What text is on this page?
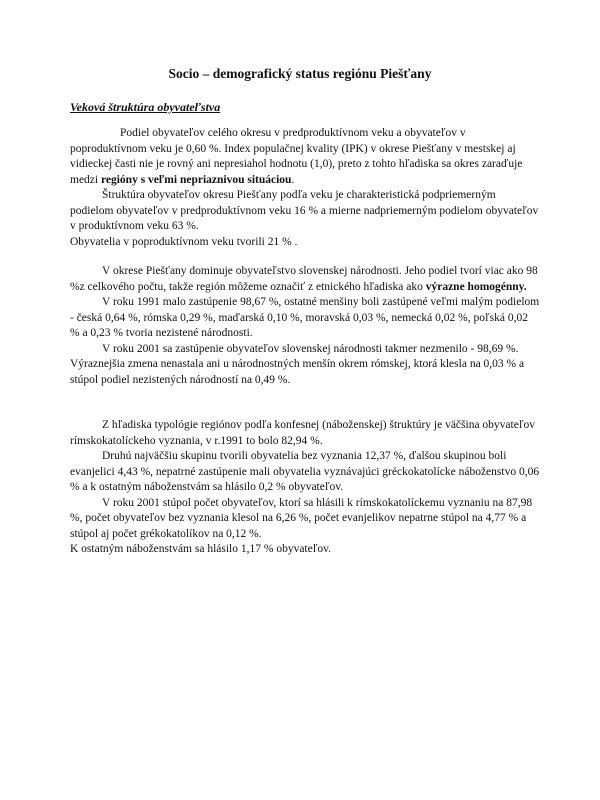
Socio – demografický status regiónu Piešťany
Veková štruktúra obyvateľstva

Podiel obyvateľov celého okresu v predproduktívnom veku a obyvateľov v poproduktívnom veku je 0,60 %. Index populačnej kvality (IPK) v okrese Piešťany v mestskej aj vidieckej časti nie je rovný ani nepresiahol hodnotu (1,0), preto z tohto hľadiska sa okres zaraďuje medzi regióny s veľmi nepriaznivou situáciou.

Štruktúra obyvateľov okresu Piešťany podľa veku je charakteristická podpriemerným podielom obyvateľov v predproduktívnom veku 16 % a mierne nadpriemerným podielom obyvateľov v produktívnom veku 63 %.

Obyvatelia v poproduktívnom veku tvorili 21 % .

V okrese Piešťany dominuje obyvateľstvo slovenskej národnosti. Jeho podiel tvorí viac ako 98 %z celkového počtu, takže región môžeme označiť z etnického hľadiska ako výrazne homogénny.

V roku 1991 malo zastúpenie 98,67 %, ostatné menšiny boli zastúpené veľmi malým podielom - česká 0,64 %, rómska 0,29 %, maďarská 0,10 %, moravská 0,03 %, nemecká 0,02 %, poľská 0,02 % a 0,23 % tvoria nezistené národnosti.

V roku 2001 sa zastúpenie obyvateľov slovenskej národnosti takmer nezmenilo - 98,69 %. Výraznejšia zmena nenastala ani u národnostných menšín okrem rómskej, ktorá klesla na 0,03 % a stúpol podiel nezistených národností na 0,49 %.

Z hľadiska typológie regiónov podľa konfesnej (náboženskej) štruktúry je väčšina obyvateľov rímskokatolíckeho vyznania, v r.1991 to bolo 82,94 %.

Druhú najväčšiu skupinu tvorili obyvatelia bez vyznania 12,37 %, ďalšou skupinou boli evanjelici 4,43 %, nepatrné zastúpenie mali obyvatelia vyznávajúci gréckokatolícke náboženstvo 0,06 % a k ostatným náboženstvám sa hlásilo 0,2 % obyvateľov.

V roku 2001 stúpol počet obyvateľov, ktorí sa hlásili k rímskokatolíckemu vyznaniu na 87,98 %, počet obyvateľov bez vyznania klesol na 6,26 %, počet evanjelikov nepatrne stúpol na 4,77 % a stúpol aj počet grékokatolíkov na 0,12 %.

K ostatným náboženstvám sa hlásilo 1,17 % obyvateľov.
